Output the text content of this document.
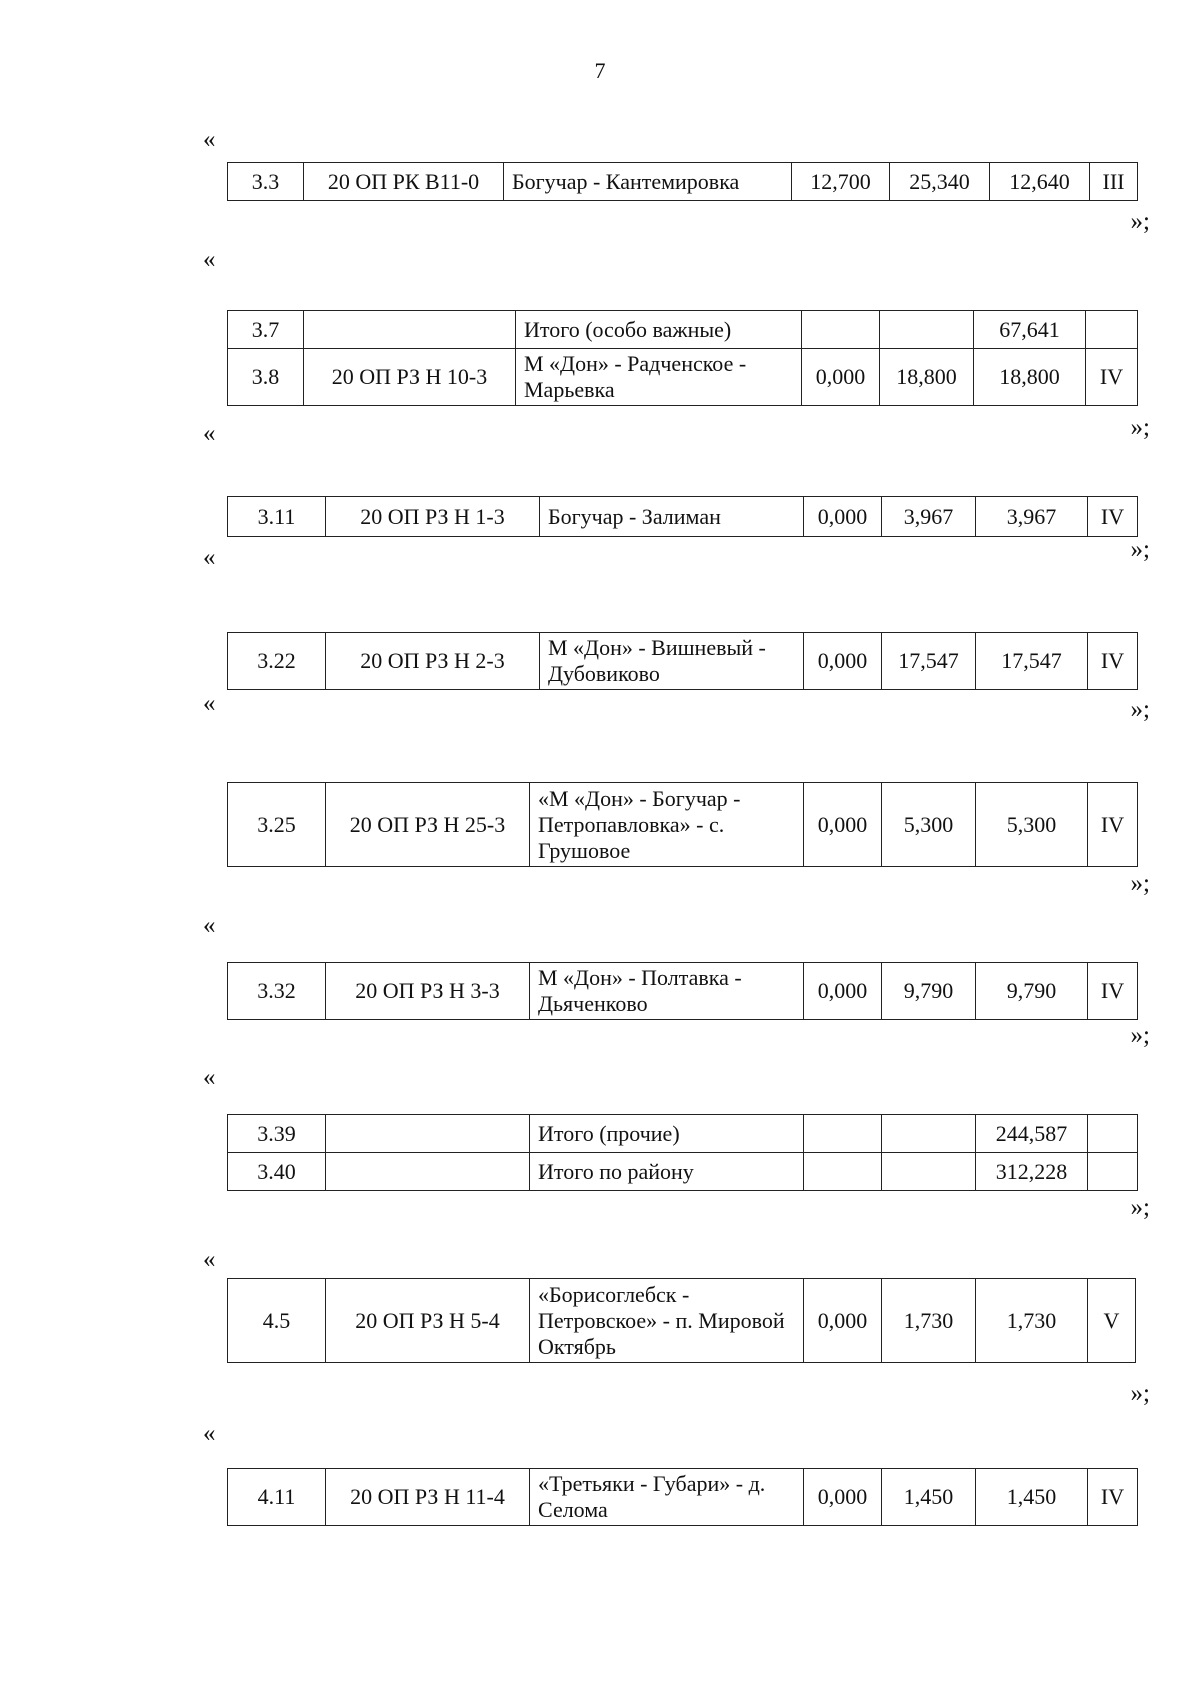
7
«
3.3	20 ОП РК В11-0	Богучар - Кантемировка	12,700	25,340	12,640	III
»;
«
3.7		Итого (особо важные)			67,641	
3.8	20 ОП РЗ Н 10-3	М «Дон» - Радченское - Марьевка	0,000	18,800	18,800	IV
»;
«
3.11	20 ОП РЗ Н 1-3	Богучар - Залиман	0,000	3,967	3,967	IV
»;
«
3.22	20 ОП РЗ Н 2-3	М «Дон» - Вишневый - Дубовиково	0,000	17,547	17,547	IV
»;
«
3.25	20 ОП РЗ Н 25-3	«М «Дон» - Богучар - Петропавловка» - с. Грушовое	0,000	5,300	5,300	IV
»;
«
3.32	20 ОП РЗ Н 3-3	М «Дон» - Полтавка - Дьяченково	0,000	9,790	9,790	IV
»;
«
3.39		Итого (прочие)			244,587	
3.40		Итого по району			312,228	
»;
«
4.5	20 ОП РЗ Н 5-4	«Борисоглебск - Петровское» - п. Мировой Октябрь	0,000	1,730	1,730	V
»;
«
4.11	20 ОП РЗ Н 11-4	«Третьяки - Губари» - д. Селома	0,000	1,450	1,450	IV
